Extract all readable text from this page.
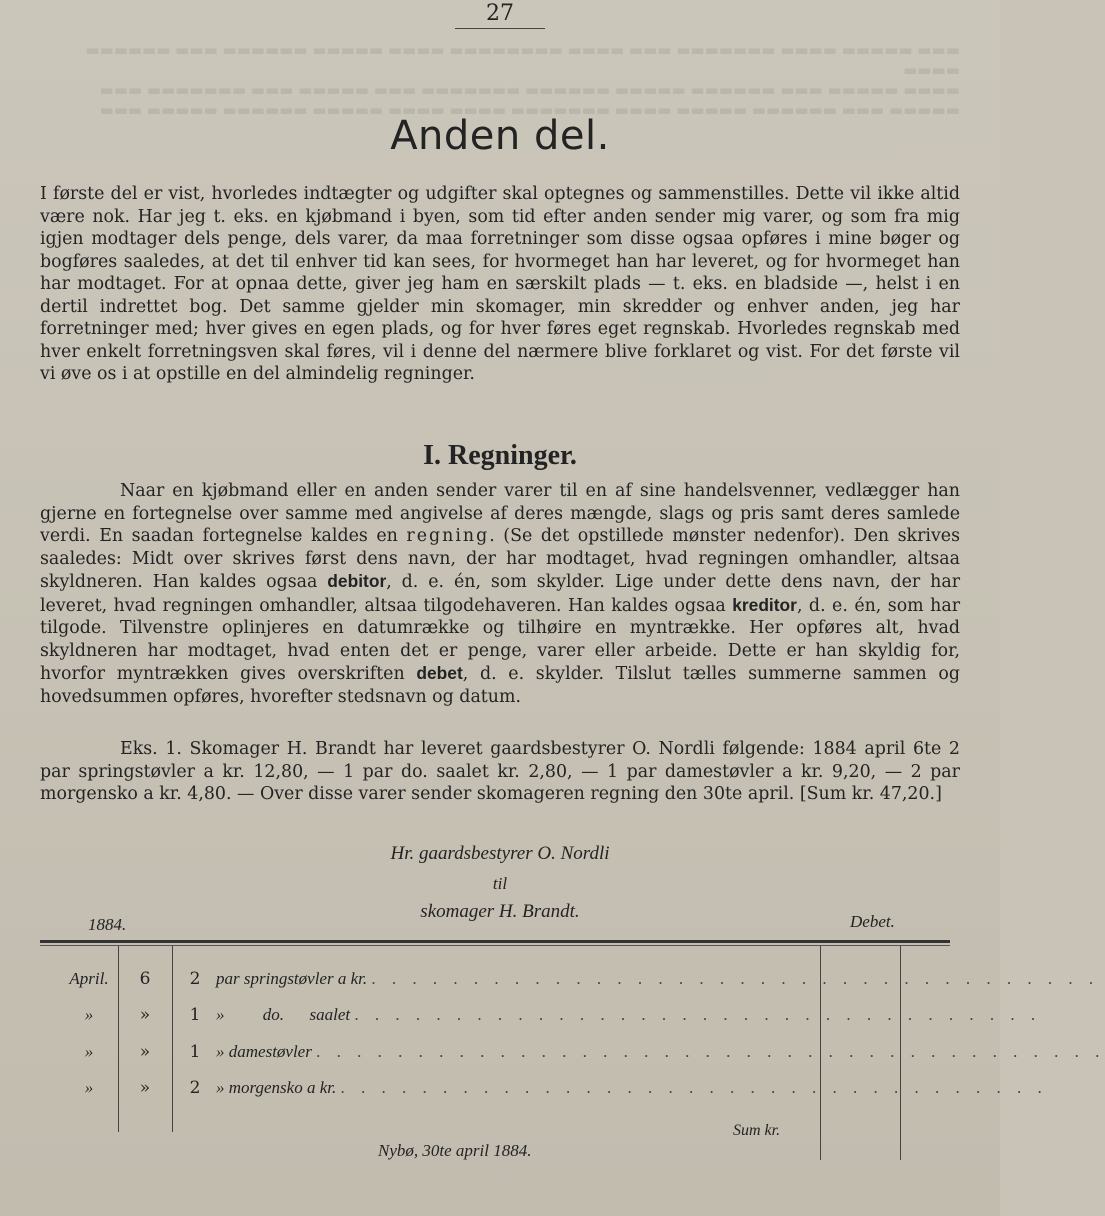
▬▬▬ ▬▬▬▬▬ ▬▬▬▬ ▬▬▬▬▬▬▬ ▬▬▬ ▬▬▬▬ ▬▬▬▬▬▬▬▬ ▬▬▬▬ ▬▬▬▬▬ ▬▬▬▬▬▬ ▬▬▬ ▬▬▬▬▬▬ ▬▬▬▬
▬▬▬▬ ▬▬▬▬▬ ▬▬▬ ▬▬▬▬▬▬ ▬▬▬▬▬ ▬▬▬▬▬▬ ▬▬▬▬▬▬▬ ▬▬▬ ▬▬▬▬▬ ▬▬▬ ▬▬▬▬▬▬▬ ▬▬▬
▬▬▬▬▬ ▬▬▬ ▬▬▬▬▬▬ ▬▬▬▬▬ ▬▬▬▬ ▬▬▬▬▬▬▬ ▬▬▬▬ ▬▬▬▬ ▬▬▬▬▬ ▬▬▬▬▬▬ ▬▬▬▬▬ ▬▬▬
27
Anden del.

I første del er vist, hvorledes indtægter og udgifter skal optegnes og sammenstilles. Dette vil ikke altid være nok. Har jeg t. eks. en kjøbmand i byen, som tid efter anden sender mig varer, og som fra mig igjen modtager dels penge, dels varer, da maa forretninger som disse ogsaa opføres i mine bøger og bogføres saaledes, at det til enhver tid kan sees, for hvormeget han har leveret, og for hvormeget han har modtaget. For at opnaa dette, giver jeg ham en særskilt plads — t. eks. en bladside —, helst i en dertil indrettet bog. Det samme gjelder min skomager, min skredder og enhver anden, jeg har forretninger med; hver gives en egen plads, og for hver føres eget regnskab. Hvorledes regnskab med hver enkelt forretningsven skal føres, vil i denne del nærmere blive forklaret og vist. For det første vil vi øve os i at opstille en del almindelig regninger.

I. Regninger.

Naar en kjøbmand eller en anden sender varer til en af sine handelsvenner, vedlægger han gjerne en fortegnelse over samme med angivelse af deres mængde, slags og pris samt deres samlede verdi. En saadan fortegnelse kaldes en regning. (Se det opstillede mønster nedenfor). Den skrives saaledes: Midt over skrives først dens navn, der har modtaget, hvad regningen omhandler, altsaa skyldneren. Han kaldes ogsaa debitor, d. e. én, som skylder. Lige under dette dens navn, der har leveret, hvad regningen omhandler, altsaa tilgodehaveren. Han kaldes ogsaa kreditor, d. e. én, som har tilgode. Tilvenstre oplinjeres en datumrække og tilhøire en myntrække. Her opføres alt, hvad skyldneren har modtaget, hvad enten det er penge, varer eller arbeide. Dette er han skyldig for, hvorfor myntrækken gives overskriften debet, d. e. skylder. Tilslut tælles summerne sammen og hovedsummen opføres, hvorefter stedsnavn og datum.

Eks. 1. Skomager H. Brandt har leveret gaardsbestyrer O. Nordli følgende: 1884 april 6te 2 par springstøvler a kr. 12,80, — 1 par do. saalet kr. 2,80, — 1 par damestøvler a kr. 9,20, — 2 par morgensko a kr. 4,80. — Over disse varer sender skomageren regning den 30te april. [Sum kr. 47,20.]

Hr. gaardsbestyrer O. Nordli
til
skomager H. Brandt.
1884.	Debet.
April.	6	2 par springstøvler a kr. . . . . . . . . . . . . . . . . . . . . . . . . . . . . . . . . . . . .
»	»	1 »         do.      saalet . . . . . . . . . . . . . . . . . . . . . . . . . . . . . . . . . .
»	»	1 » damestøvler . . . . . . . . . . . . . . . . . . . . . . . . . . . . . . . . . . . . . . .
»	»	2 » morgensko a kr. . . . . . . . . . . . . . . . . . . . . . . . . . . . . . . . . . . .
Sum kr.
Nybø, 30te april 1884.
